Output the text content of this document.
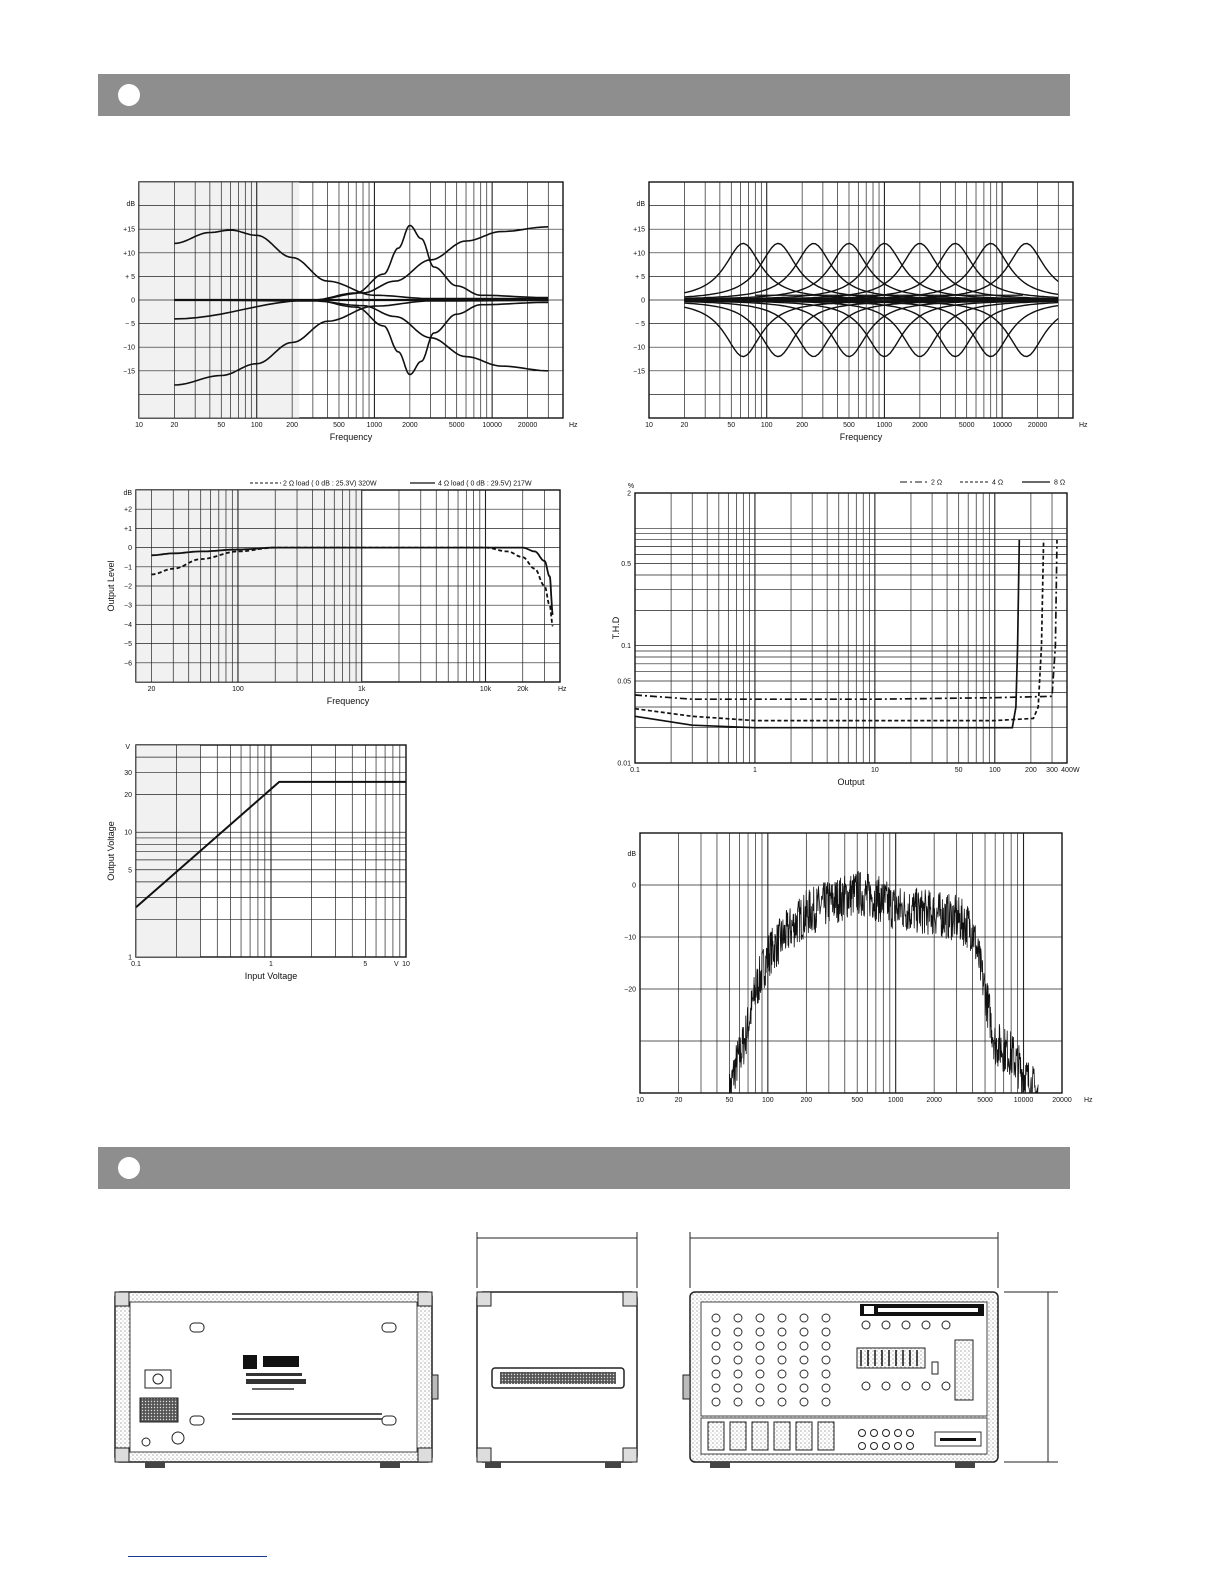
10	20	50	100	200	500	1000	2000	5000	10000 20000	Hz
+15
+10
+ 5
0
− 5
−10
−15
dB
Frequency
10	20	50	100	200	500	1000	2000	5000	10000 20000	Hz
+15
+10
+ 5
0
− 5
−10
−15
dB
Frequency
20	100	1k	10k	20k	Hz
+2
+1
0
−1
−2
−3
−4
−5
−6
dB
Frequency
Output Level
2 Ω load ( 0 dB : 25.3V) 320W	4 Ω load ( 0 dB : 29.5V) 217W
0.1	1	10	50	100	200 300 400 W
2
0.5
0.1
0.05
0.01
%
Output
T.H.D
2 Ω	4 Ω	8 Ω
0.1	1	5	10
V
30
20
10
5
1
V
Input Voltage
Output Voltage
10	20	50	100	200	500	1000	2000	5000	10000	20000 Hz
0
−10
−20
dB
